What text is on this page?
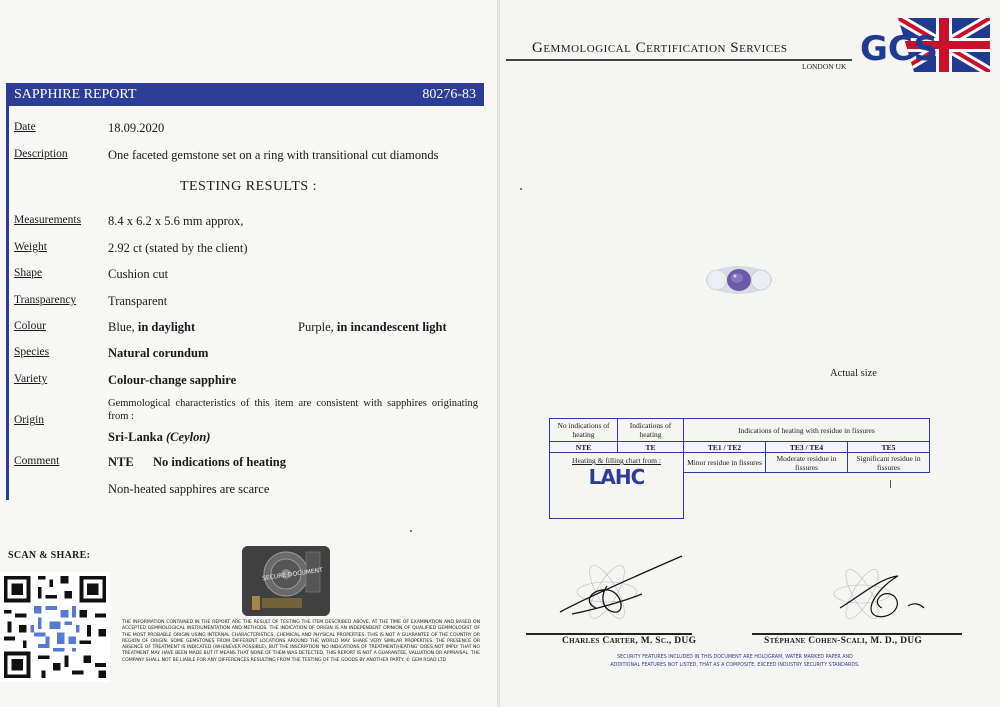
SAPPHIRE REPORT	80276-83
Date	18.09.2020
Description	One faceted gemstone set on a ring with transitional cut diamonds
TESTING RESULTS :
Measurements 8.4 x 6.2 x 5.6 mm approx,
Weight	2.92 ct (stated by the client)
Shape	Cushion cut
Transparency	Transparent
Colour	Blue, in daylight	Purple, in incandescent light
Species	Natural corundum
Variety	Colour-change sapphire
Origin
Gemmological characteristics of this item are consistent with sapphires originating from :
Sri-Lanka (Ceylon)
Comment	NTE No indications of heating
Non-heated sapphires are scarce
SCAN & SHARE:
SECURE DOCUMENT
THE INFORMATION CONTAINED IN THE REPORT ARE THE RESULT OF TESTING THE ITEM DESCRIBED ABOVE, AT THE TIME OF EXAMINATION AND BASED ON ACCEPTED GEMMOLOGICAL INSTRUMENTATION AND METHODS. THE INDICATION OF ORIGIN IS AN INDEPENDENT OPINION OF QUALIFIED GEMMOLOGIST OF THE MOST PROBABLE ORIGIN USING INTERNAL CHARACTERISTICS, CHEMICAL AND PHYSICAL PROPERTIES. THIS IS NOT A GUARANTEE OF THE COUNTRY OR REGION OF ORIGIN. SOME GEMSTONES FROM DIFFERENT LOCATIONS AROUND THE WORLD MAY SHARE VERY SIMILAR PROPERTIES. THE PRESENCE OR ABSENCE OF TREATMENT IS INDICATED (WHENEVER POSSIBLE), BUT THE INSCRIPTION 'NO INDICATIONS OF TREATMENT/HEATING' DOES NOT IMPLY THAT NO TREATMENT MAY HAVE BEEN MADE BUT IT MEANS THAT NONE OF THEM WAS DETECTED. THIS REPORT IS NOT A GUARANTEE, VALUATION OR APPRAISAL. THE COMPANY SHALL NOT BE LIABLE FOR ANY DIFFERENCES RESULTING FROM THE TESTING OF THE GOODS BY ANOTHER PARTY. © GEM ROAD LTD
Gemmological Certification Services
LONDON UK GCS
Actual size
No indications of heating	Indications of heating	Indications of heating with residue in fissures		
NTE	TE	TE1 / TE2	TE3 / TE4	TE5

Heating & filling chart from :
LAHC		Minor residue in fissures	Moderate residue in fissures	Significant residue in fissures

Charles Carter, M. Sc., DUG	Stéphane Cohen-Scali, M. D., DUG
SECURITY FEATURES INCLUDED IN THIS DOCUMENT ARE HOLOGRAM, WATER MARKED PAPER AND ADDITIONAL FEATURES NOT LISTED, THAT AS A COMPOSITE, EXCEED INDUSTRY SECURITY STANDARDS.
